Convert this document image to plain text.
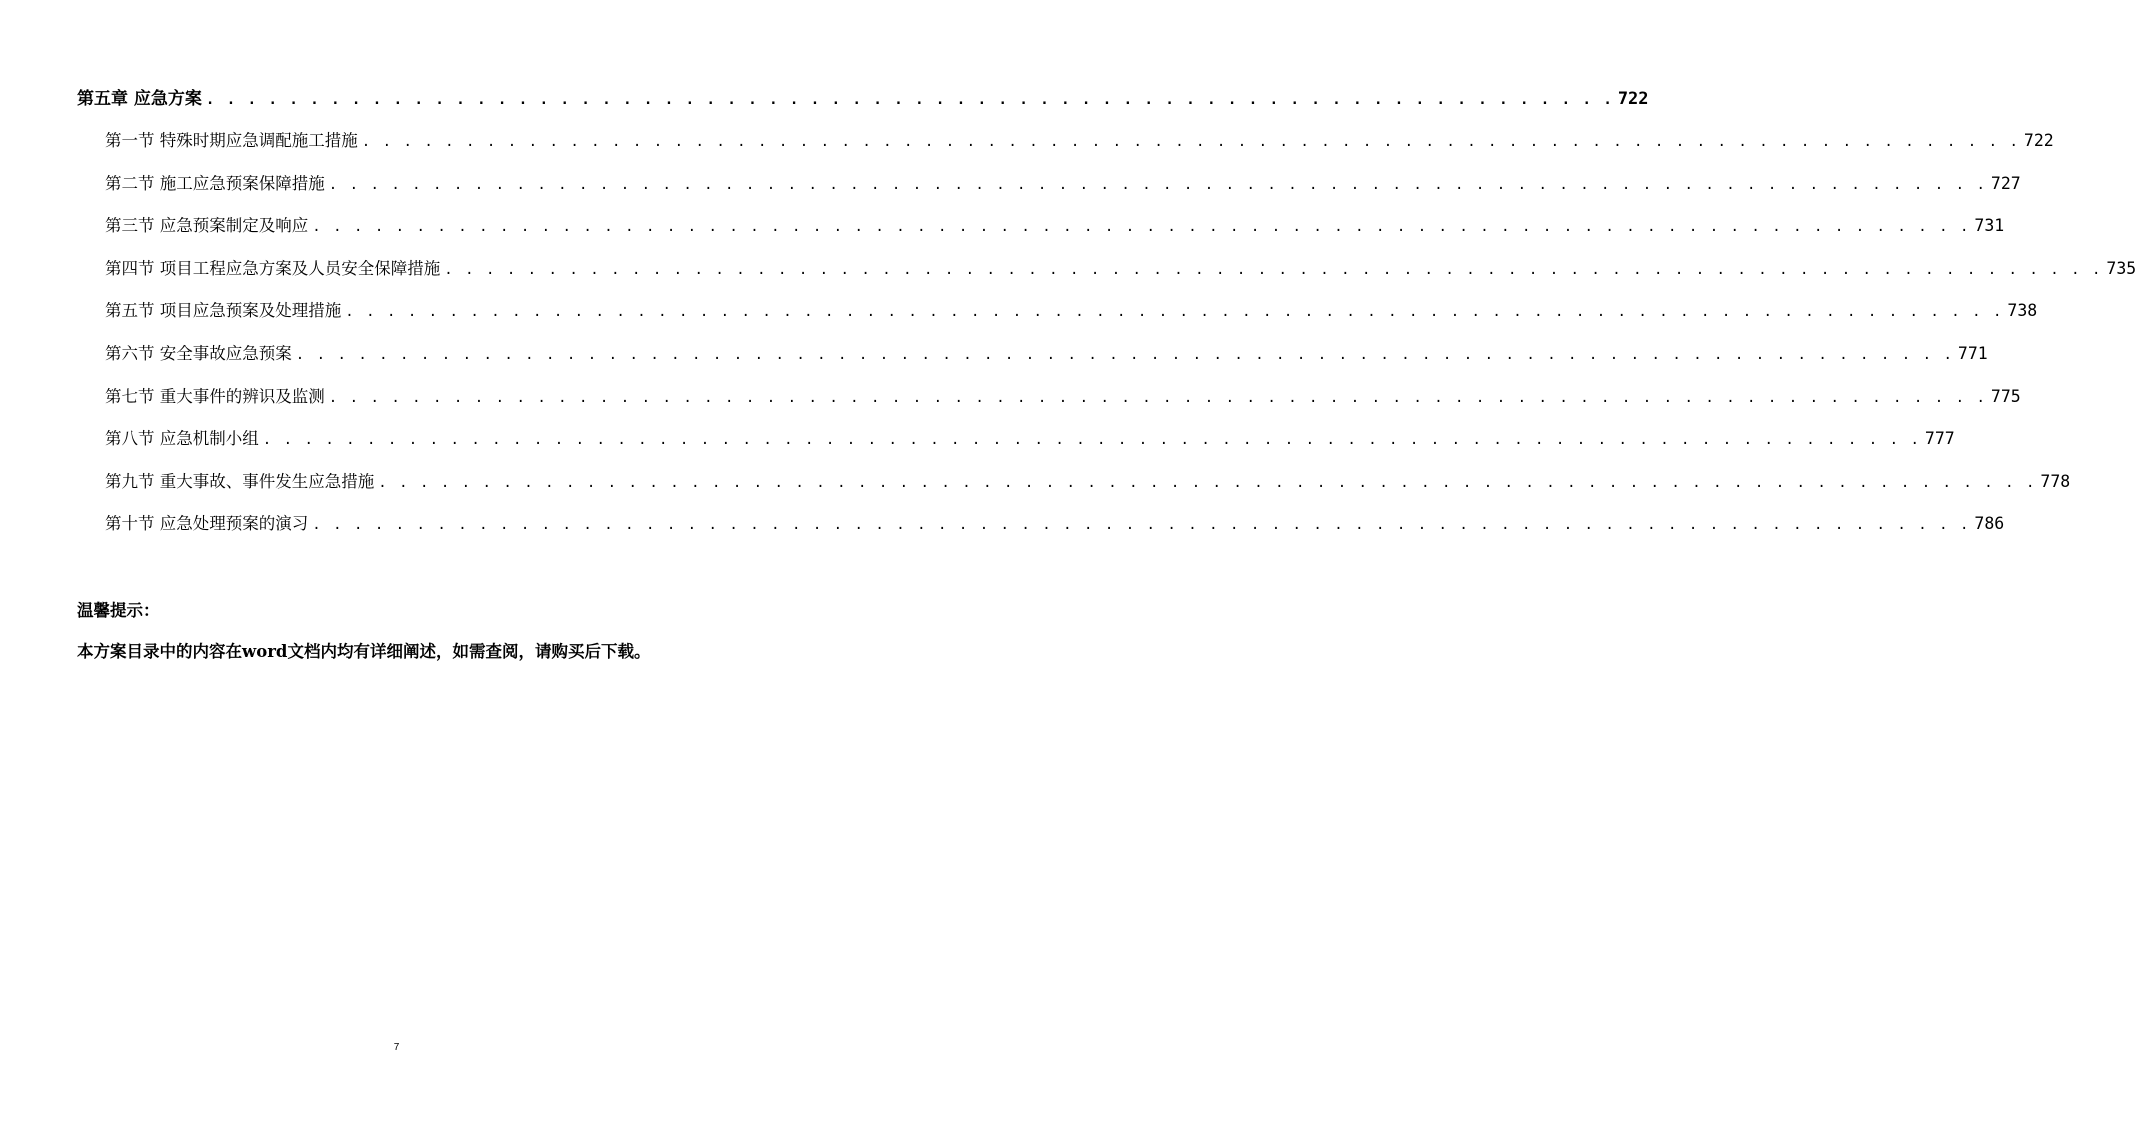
第五章 应急方案 . . . . . . . . . . . . . . . . . . . . . . . . . . . . . . . . . . . . . . . . . . . . . . . . . . . . . . . . . . . . . . . . . . . . 722
第一节 特殊时期应急调配施工措施 . . . . . . . . . . . . . . . . . . . . . . . . . . . . . . . . . . . . . . . . . . . . . . . . . . . . . . . . . . . . . . . . . . . . . . . . . . . . . . . . 722
第二节 施工应急预案保障措施 . . . . . . . . . . . . . . . . . . . . . . . . . . . . . . . . . . . . . . . . . . . . . . . . . . . . . . . . . . . . . . . . . . . . . . . . . . . . . . . . 727
第三节 应急预案制定及响应 . . . . . . . . . . . . . . . . . . . . . . . . . . . . . . . . . . . . . . . . . . . . . . . . . . . . . . . . . . . . . . . . . . . . . . . . . . . . . . . . 731
第四节 项目工程应急方案及人员安全保障措施 . . . . . . . . . . . . . . . . . . . . . . . . . . . . . . . . . . . . . . . . . . . . . . . . . . . . . . . . . . . . . . . . . . . . . . . . . . . . . . . . 735
第五节 项目应急预案及处理措施 . . . . . . . . . . . . . . . . . . . . . . . . . . . . . . . . . . . . . . . . . . . . . . . . . . . . . . . . . . . . . . . . . . . . . . . . . . . . . . . . 738
第六节 安全事故应急预案 . . . . . . . . . . . . . . . . . . . . . . . . . . . . . . . . . . . . . . . . . . . . . . . . . . . . . . . . . . . . . . . . . . . . . . . . . . . . . . . . 771
第七节 重大事件的辨识及监测 . . . . . . . . . . . . . . . . . . . . . . . . . . . . . . . . . . . . . . . . . . . . . . . . . . . . . . . . . . . . . . . . . . . . . . . . . . . . . . . . 775
第八节 应急机制小组 . . . . . . . . . . . . . . . . . . . . . . . . . . . . . . . . . . . . . . . . . . . . . . . . . . . . . . . . . . . . . . . . . . . . . . . . . . . . . . . . 777
第九节 重大事故、事件发生应急措施 . . . . . . . . . . . . . . . . . . . . . . . . . . . . . . . . . . . . . . . . . . . . . . . . . . . . . . . . . . . . . . . . . . . . . . . . . . . . . . . . 778
第十节 应急处理预案的演习 . . . . . . . . . . . . . . . . . . . . . . . . . . . . . . . . . . . . . . . . . . . . . . . . . . . . . . . . . . . . . . . . . . . . . . . . . . . . . . . . 786
温馨提示：
本方案目录中的内容在word文档内均有详细阐述，如需查阅，请购买后下载。
7
